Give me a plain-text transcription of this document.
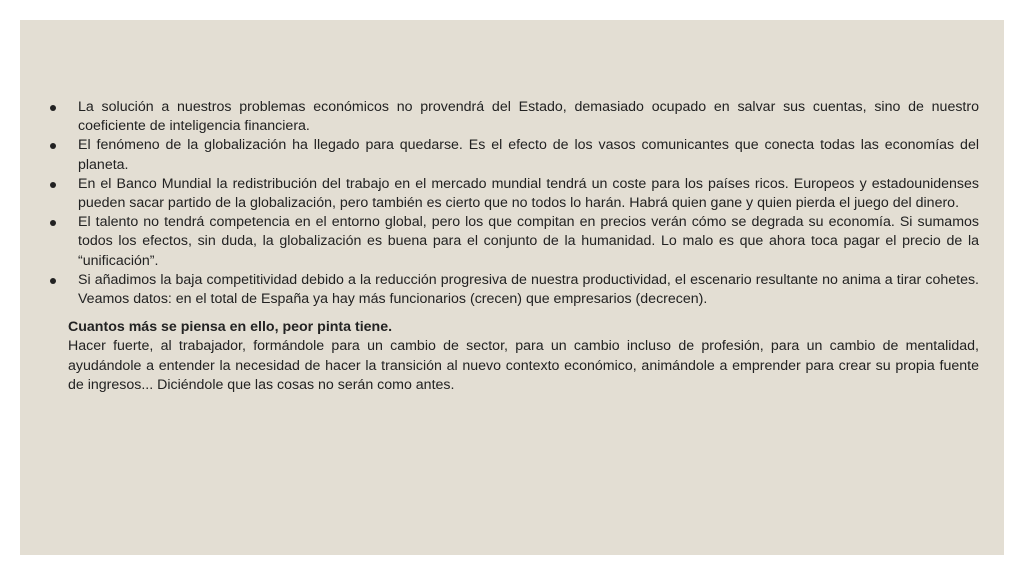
La solución a nuestros problemas económicos no provendrá del Estado, demasiado ocupado en salvar sus cuentas, sino de nuestro coeficiente de inteligencia financiera.
El fenómeno de la globalización ha llegado para quedarse. Es el efecto de los vasos comunicantes que conecta todas las economías del planeta.
En el Banco Mundial la redistribución del trabajo en el mercado mundial tendrá un coste para los países ricos. Europeos y estadounidenses pueden sacar partido de la globalización, pero también es cierto que no todos lo harán. Habrá quien gane y quien pierda el juego del dinero.
El talento no tendrá competencia en el entorno global, pero los que compitan en precios verán cómo se degrada su economía. Si sumamos todos los efectos, sin duda, la globalización es buena para el conjunto de la humanidad. Lo malo es que ahora toca pagar el precio de la “unificación”.
Si añadimos la baja competitividad debido a la reducción progresiva de nuestra productividad, el escenario resultante no anima a tirar cohetes. Veamos datos: en el total de España ya hay más funcionarios (crecen) que empresarios (decrecen).
Cuantos más se piensa en ello, peor pinta tiene.
Hacer fuerte, al trabajador, formándole para un cambio de sector, para un cambio incluso de profesión, para un cambio de mentalidad, ayudándole a entender la necesidad de hacer la transición al nuevo contexto económico, animándole a emprender para crear su propia fuente de ingresos... Diciéndole que las cosas no serán como antes.
